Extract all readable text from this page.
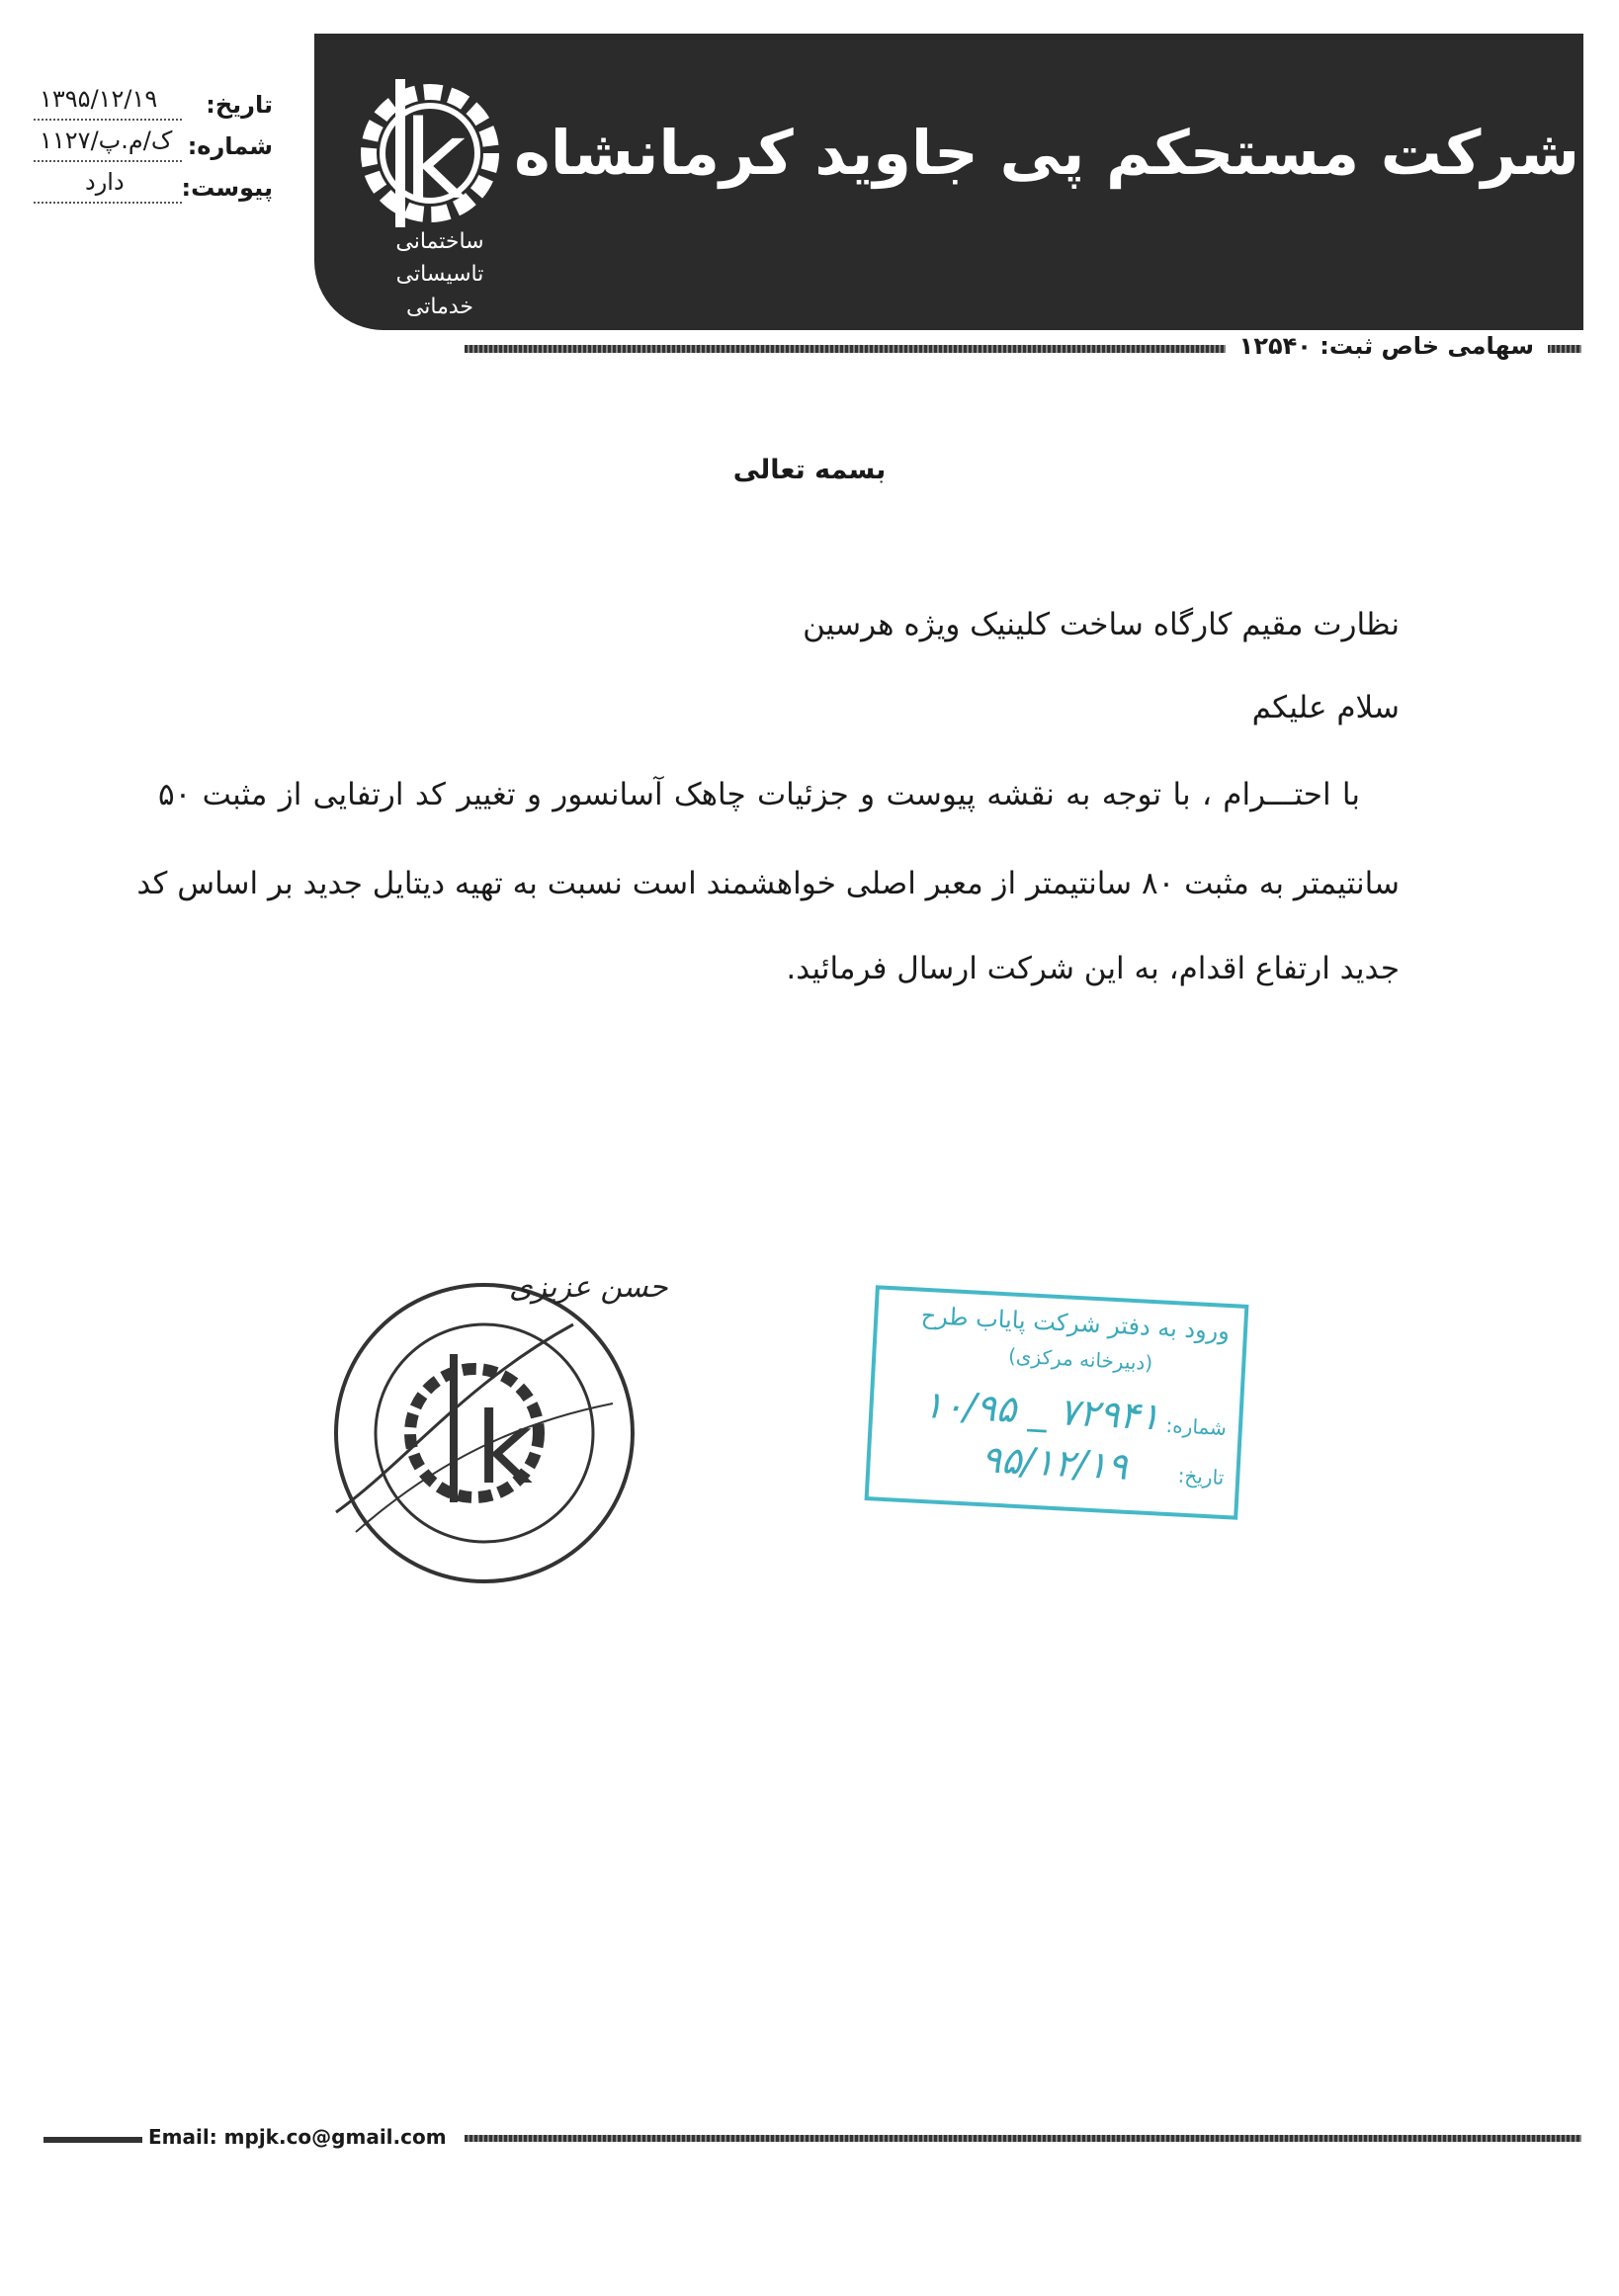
شرکت مستحکم پی جاوید کرمانشاه
k
ساختمانی
تاسیساتی
خدماتی
سهامی خاص ثبت: ۱۲۵۴۰
تاریخ:
۱۳۹۵/۱۲/۱۹
شماره:
۱۱۲۷/ک/م.پ
پیوست:
دارد
بسمه تعالی
نظارت مقیم کارگاه ساخت کلینیک ویژه هرسین
سلام علیکم
با احتـــرام ، با توجه به نقشه پیوست و جزئیات چاهک آسانسور و تغییر کد ارتفایی از مثبت ۵۰
سانتیمتر به مثبت ۸۰ سانتیمتر از معبر اصلی خواهشمند است نسبت به تهیه دیتایل جدید بر اساس کد
جدید ارتفاع اقدام، به این شرکت ارسال فرمائید.
k
حسن عزیزی
ورود به دفتر شرکت پایاب طرح
(دبیرخانه مرکزی)
شماره:
۱۰/۹۵ _ ۷۲۹۴۱
تاریخ:
۹۵/۱۲/۱۹
Email: mpjk.co@gmail.com
